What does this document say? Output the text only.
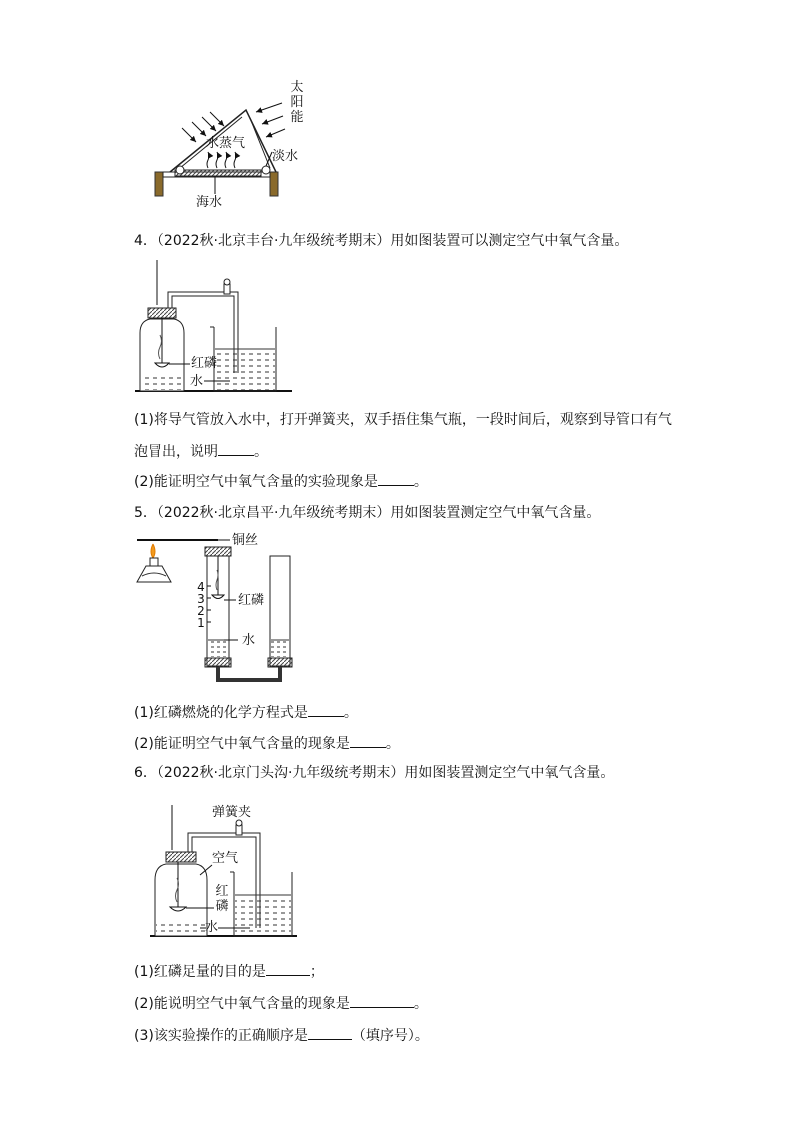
太
阳
能
水蒸气
淡水
海水
4．（2022秋·北京丰台·九年级统考期末）用如图装置可以测定空气中氧气含量。
红磷
水
(1)将导气管放入水中，打开弹簧夹，双手捂住集气瓶，一段时间后，观察到导管口有气
泡冒出，说明	。
(2)能证明空气中氧气含量的实验现象是	。
5．（2022秋·北京昌平·九年级统考期末）用如图装置测定空气中氧气含量。
铜丝
红磷
水
4
3
2
1
(1)红磷燃烧的化学方程式是	。
(2)能证明空气中氧气含量的现象是	。
6．（2022秋·北京门头沟·九年级统考期末）用如图装置测定空气中氧气含量。
弹簧夹
空气
红
磷
水
(1)红磷足量的目的是	；
(2)能说明空气中氧气含量的现象是	。
(3)该实验操作的正确顺序是	（填序号）。
